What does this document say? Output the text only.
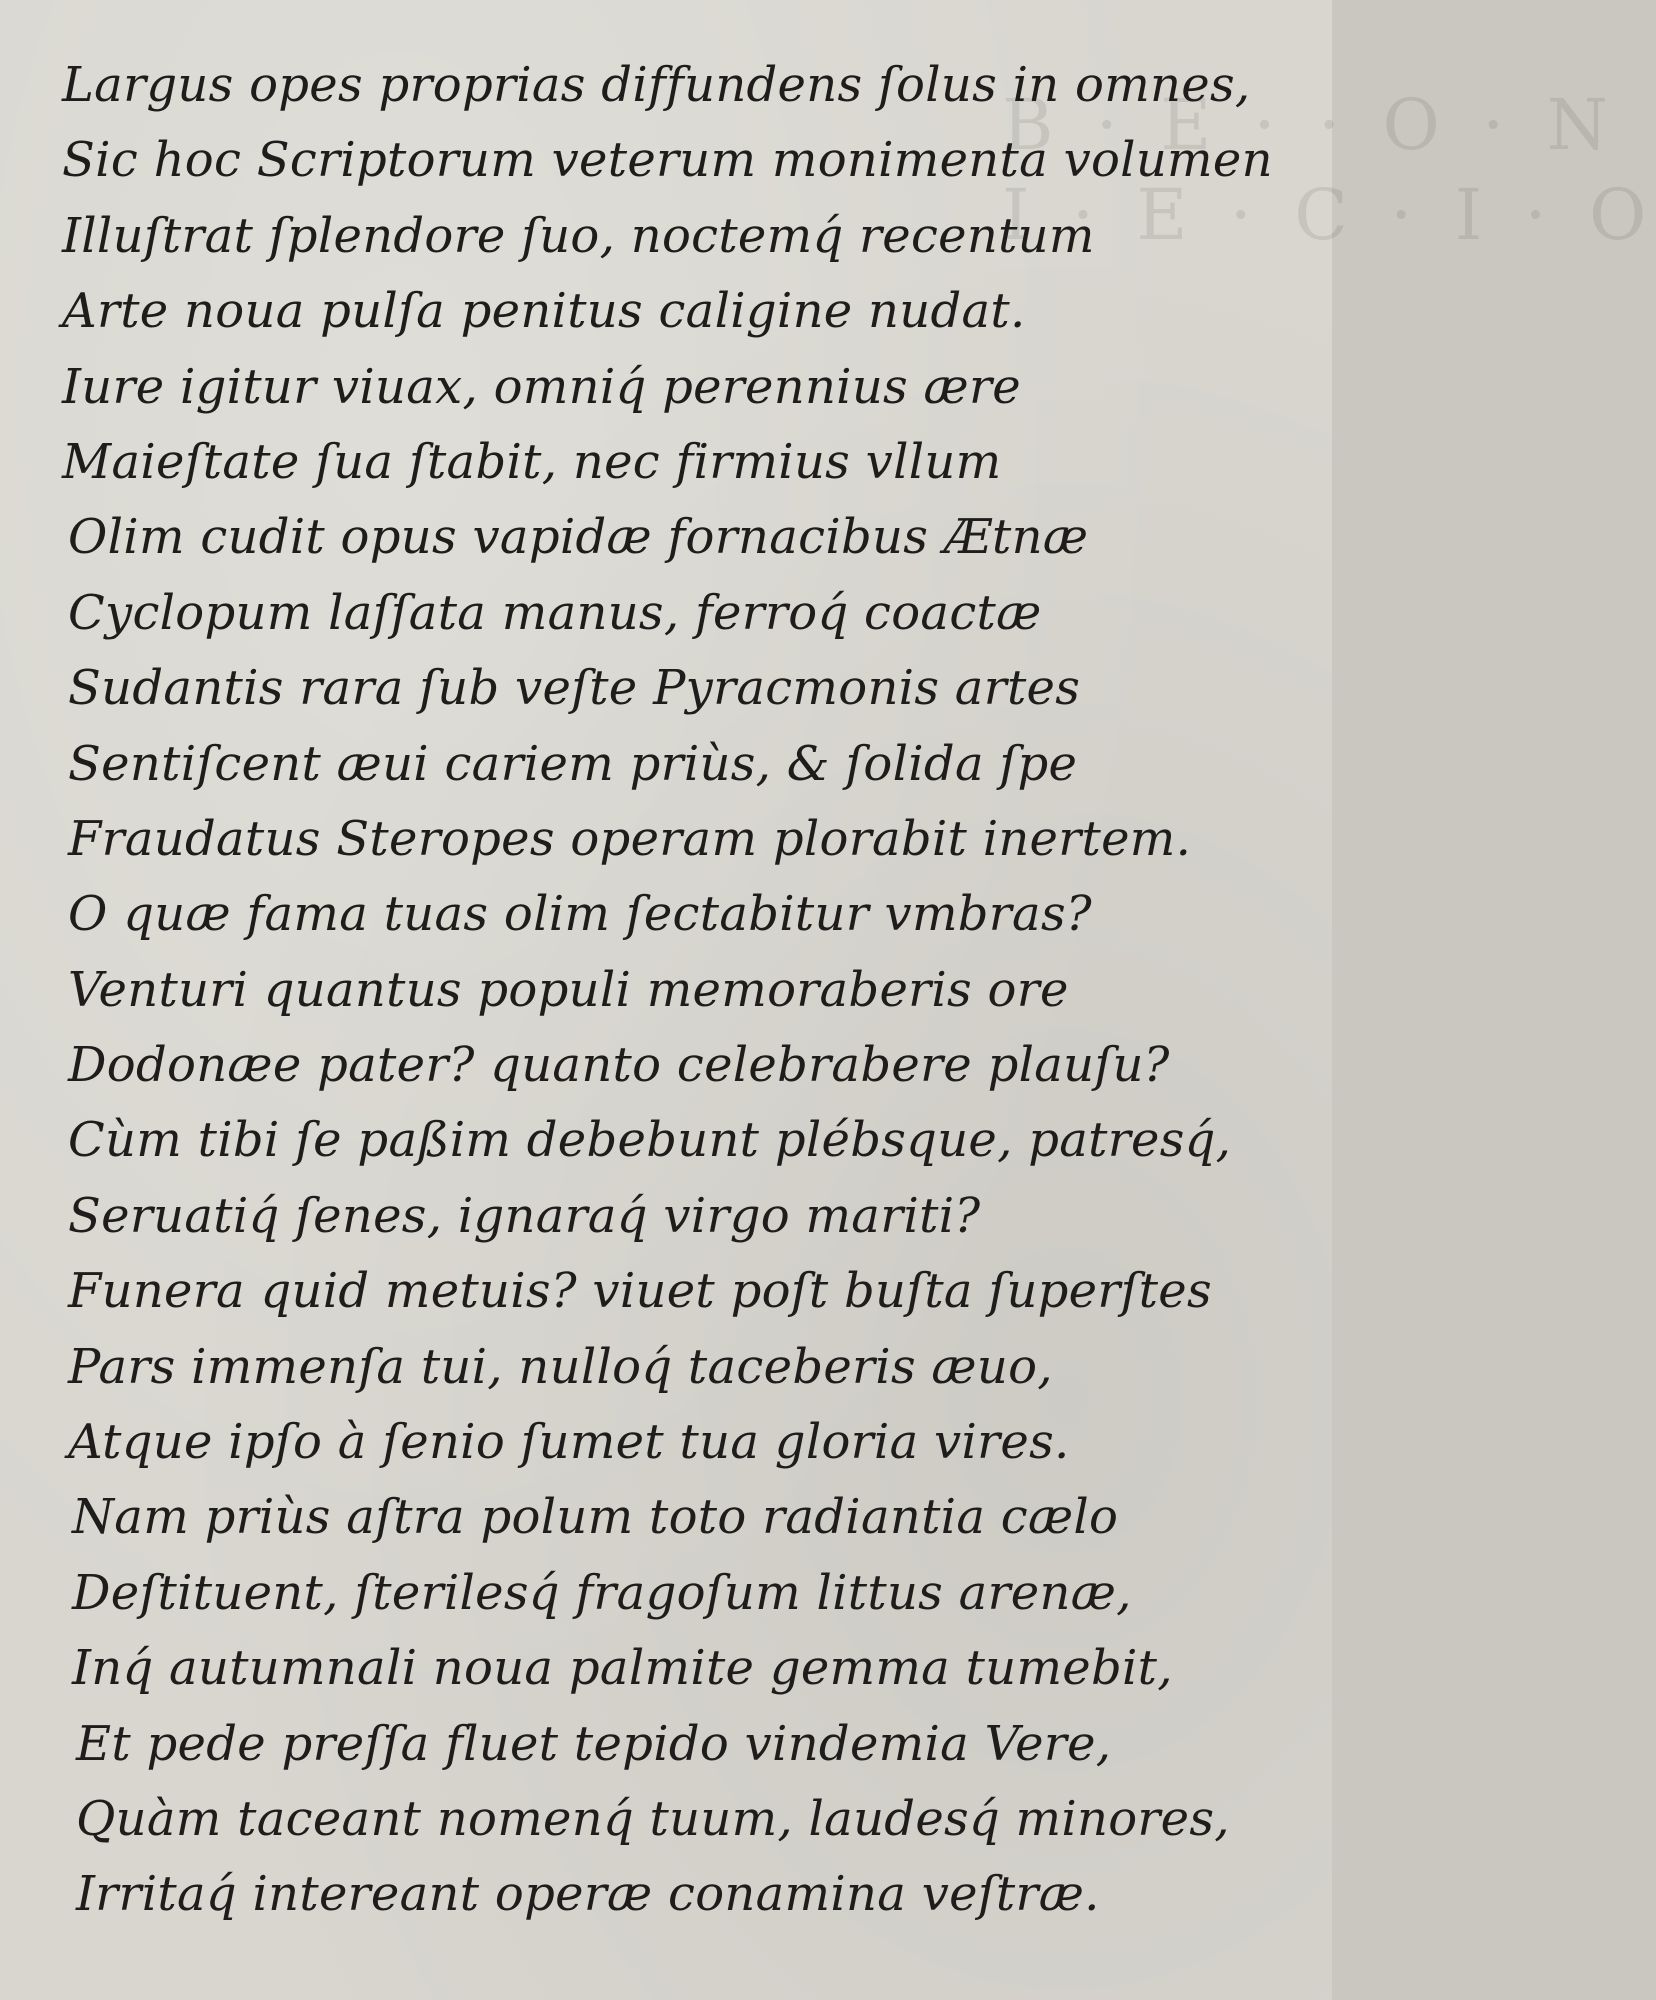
B · E · · O · N
I · E · C · I · O
Largus opes proprias diffundens ſolus in omnes,
Sic hoc Scriptorum veterum monimenta volumen
Illuſtrat ſplendore ſuo, noctemq́ recentum
Arte noua pulſa penitus caligine nudat.
Iure igitur viuax, omniq́ perennius ære
Maieſtate ſua ſtabit, nec firmius vllum
Olim cudit opus vapidæ fornacibus Ætnæ
Cyclopum laſſata manus, ferroq́ coactæ
Sudantis rara ſub veſte Pyracmonis artes
Sentiſcent æui cariem priùs, & ſolida ſpe
Fraudatus Steropes operam plorabit inertem.
O quæ fama tuas olim ſectabitur vmbras?
Venturi quantus populi memoraberis ore
Dodonæe pater? quanto celebrabere plauſu?
Cùm tibi ſe paßim debebunt plébsque, patresq́,
Seruatiq́ ſenes, ignaraq́ virgo mariti?
Funera quid metuis? viuet poſt buſta ſuperſtes
Pars immenſa tui, nulloq́ taceberis æuo,
Atque ipſo à ſenio ſumet tua gloria vires.
Nam priùs aſtra polum toto radiantia cælo
Deſtituent, ſterilesq́ fragoſum littus arenæ,
Inq́ autumnali noua palmite gemma tumebit,
Et pede preſſa fluet tepido vindemia Vere,
Quàm taceant nomenq́ tuum, laudesq́ minores,
Irritaq́ intereant operæ conamina veſtræ.
